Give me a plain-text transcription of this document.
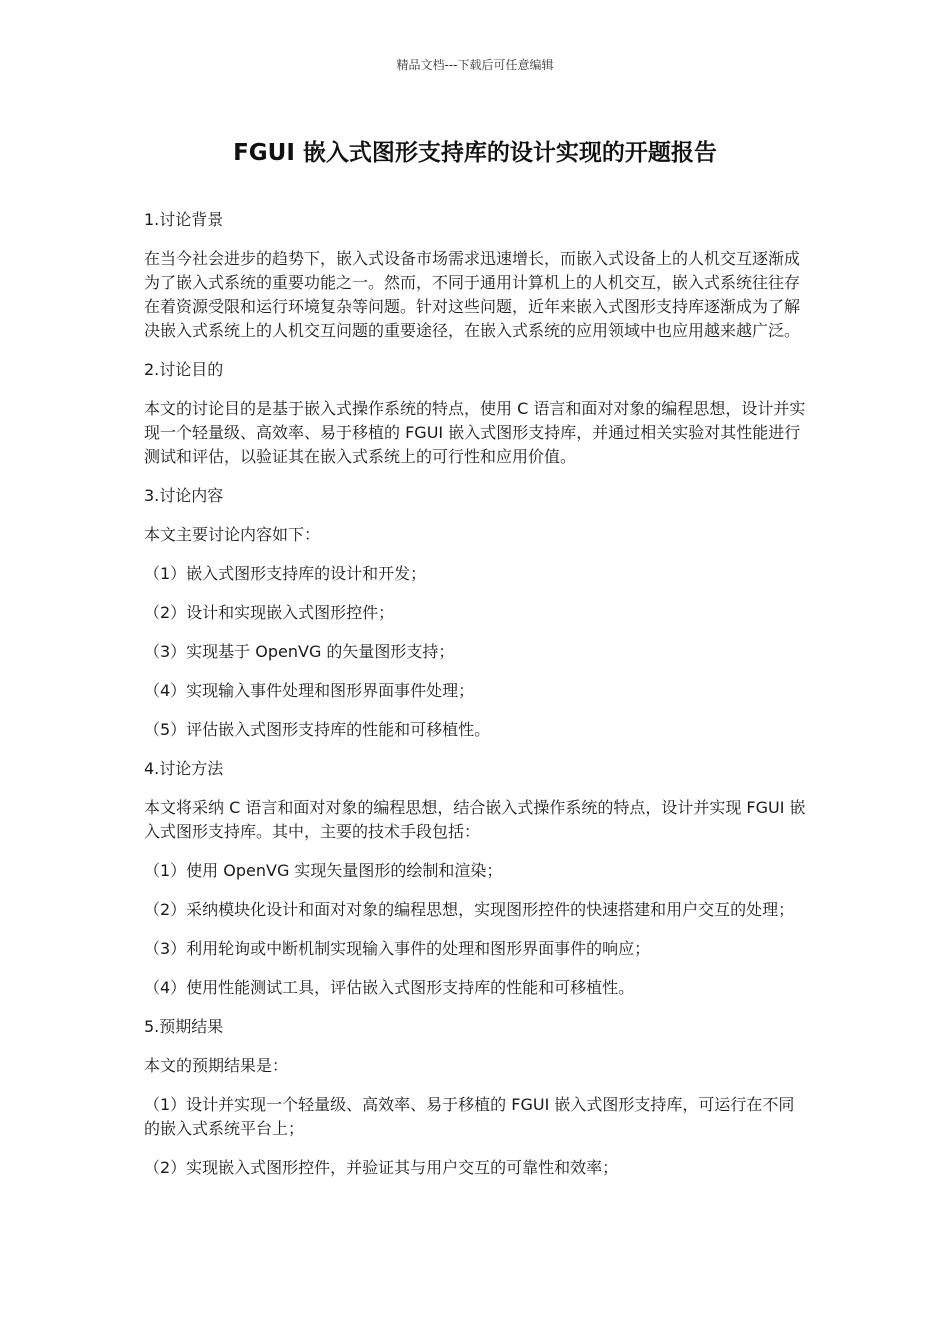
精品文档---下载后可任意编辑
FGUI 嵌入式图形支持库的设计实现的开题报告

1.讨论背景

在当今社会进步的趋势下，嵌入式设备市场需求迅速增长，而嵌入式设备上的人机交互逐渐成为了嵌入式系统的重要功能之一。然而，不同于通用计算机上的人机交互，嵌入式系统往往存在着资源受限和运行环境复杂等问题。针对这些问题，近年来嵌入式图形支持库逐渐成为了解决嵌入式系统上的人机交互问题的重要途径，在嵌入式系统的应用领域中也应用越来越广泛。

2.讨论目的

本文的讨论目的是基于嵌入式操作系统的特点，使用 C 语言和面对对象的编程思想，设计并实现一个轻量级、高效率、易于移植的 FGUI 嵌入式图形支持库，并通过相关实验对其性能进行测试和评估，以验证其在嵌入式系统上的可行性和应用价值。

3.讨论内容

本文主要讨论内容如下：

（1）嵌入式图形支持库的设计和开发；

（2）设计和实现嵌入式图形控件；

（3）实现基于 OpenVG 的矢量图形支持；

（4）实现输入事件处理和图形界面事件处理；

（5）评估嵌入式图形支持库的性能和可移植性。

4.讨论方法

本文将采纳 C 语言和面对对象的编程思想，结合嵌入式操作系统的特点，设计并实现 FGUI 嵌入式图形支持库。其中，主要的技术手段包括：

（1）使用 OpenVG 实现矢量图形的绘制和渲染；

（2）采纳模块化设计和面对对象的编程思想，实现图形控件的快速搭建和用户交互的处理；

（3）利用轮询或中断机制实现输入事件的处理和图形界面事件的响应；

（4）使用性能测试工具，评估嵌入式图形支持库的性能和可移植性。

5.预期结果

本文的预期结果是：

（1）设计并实现一个轻量级、高效率、易于移植的 FGUI 嵌入式图形支持库，可运行在不同的嵌入式系统平台上；

（2）实现嵌入式图形控件，并验证其与用户交互的可靠性和效率；
